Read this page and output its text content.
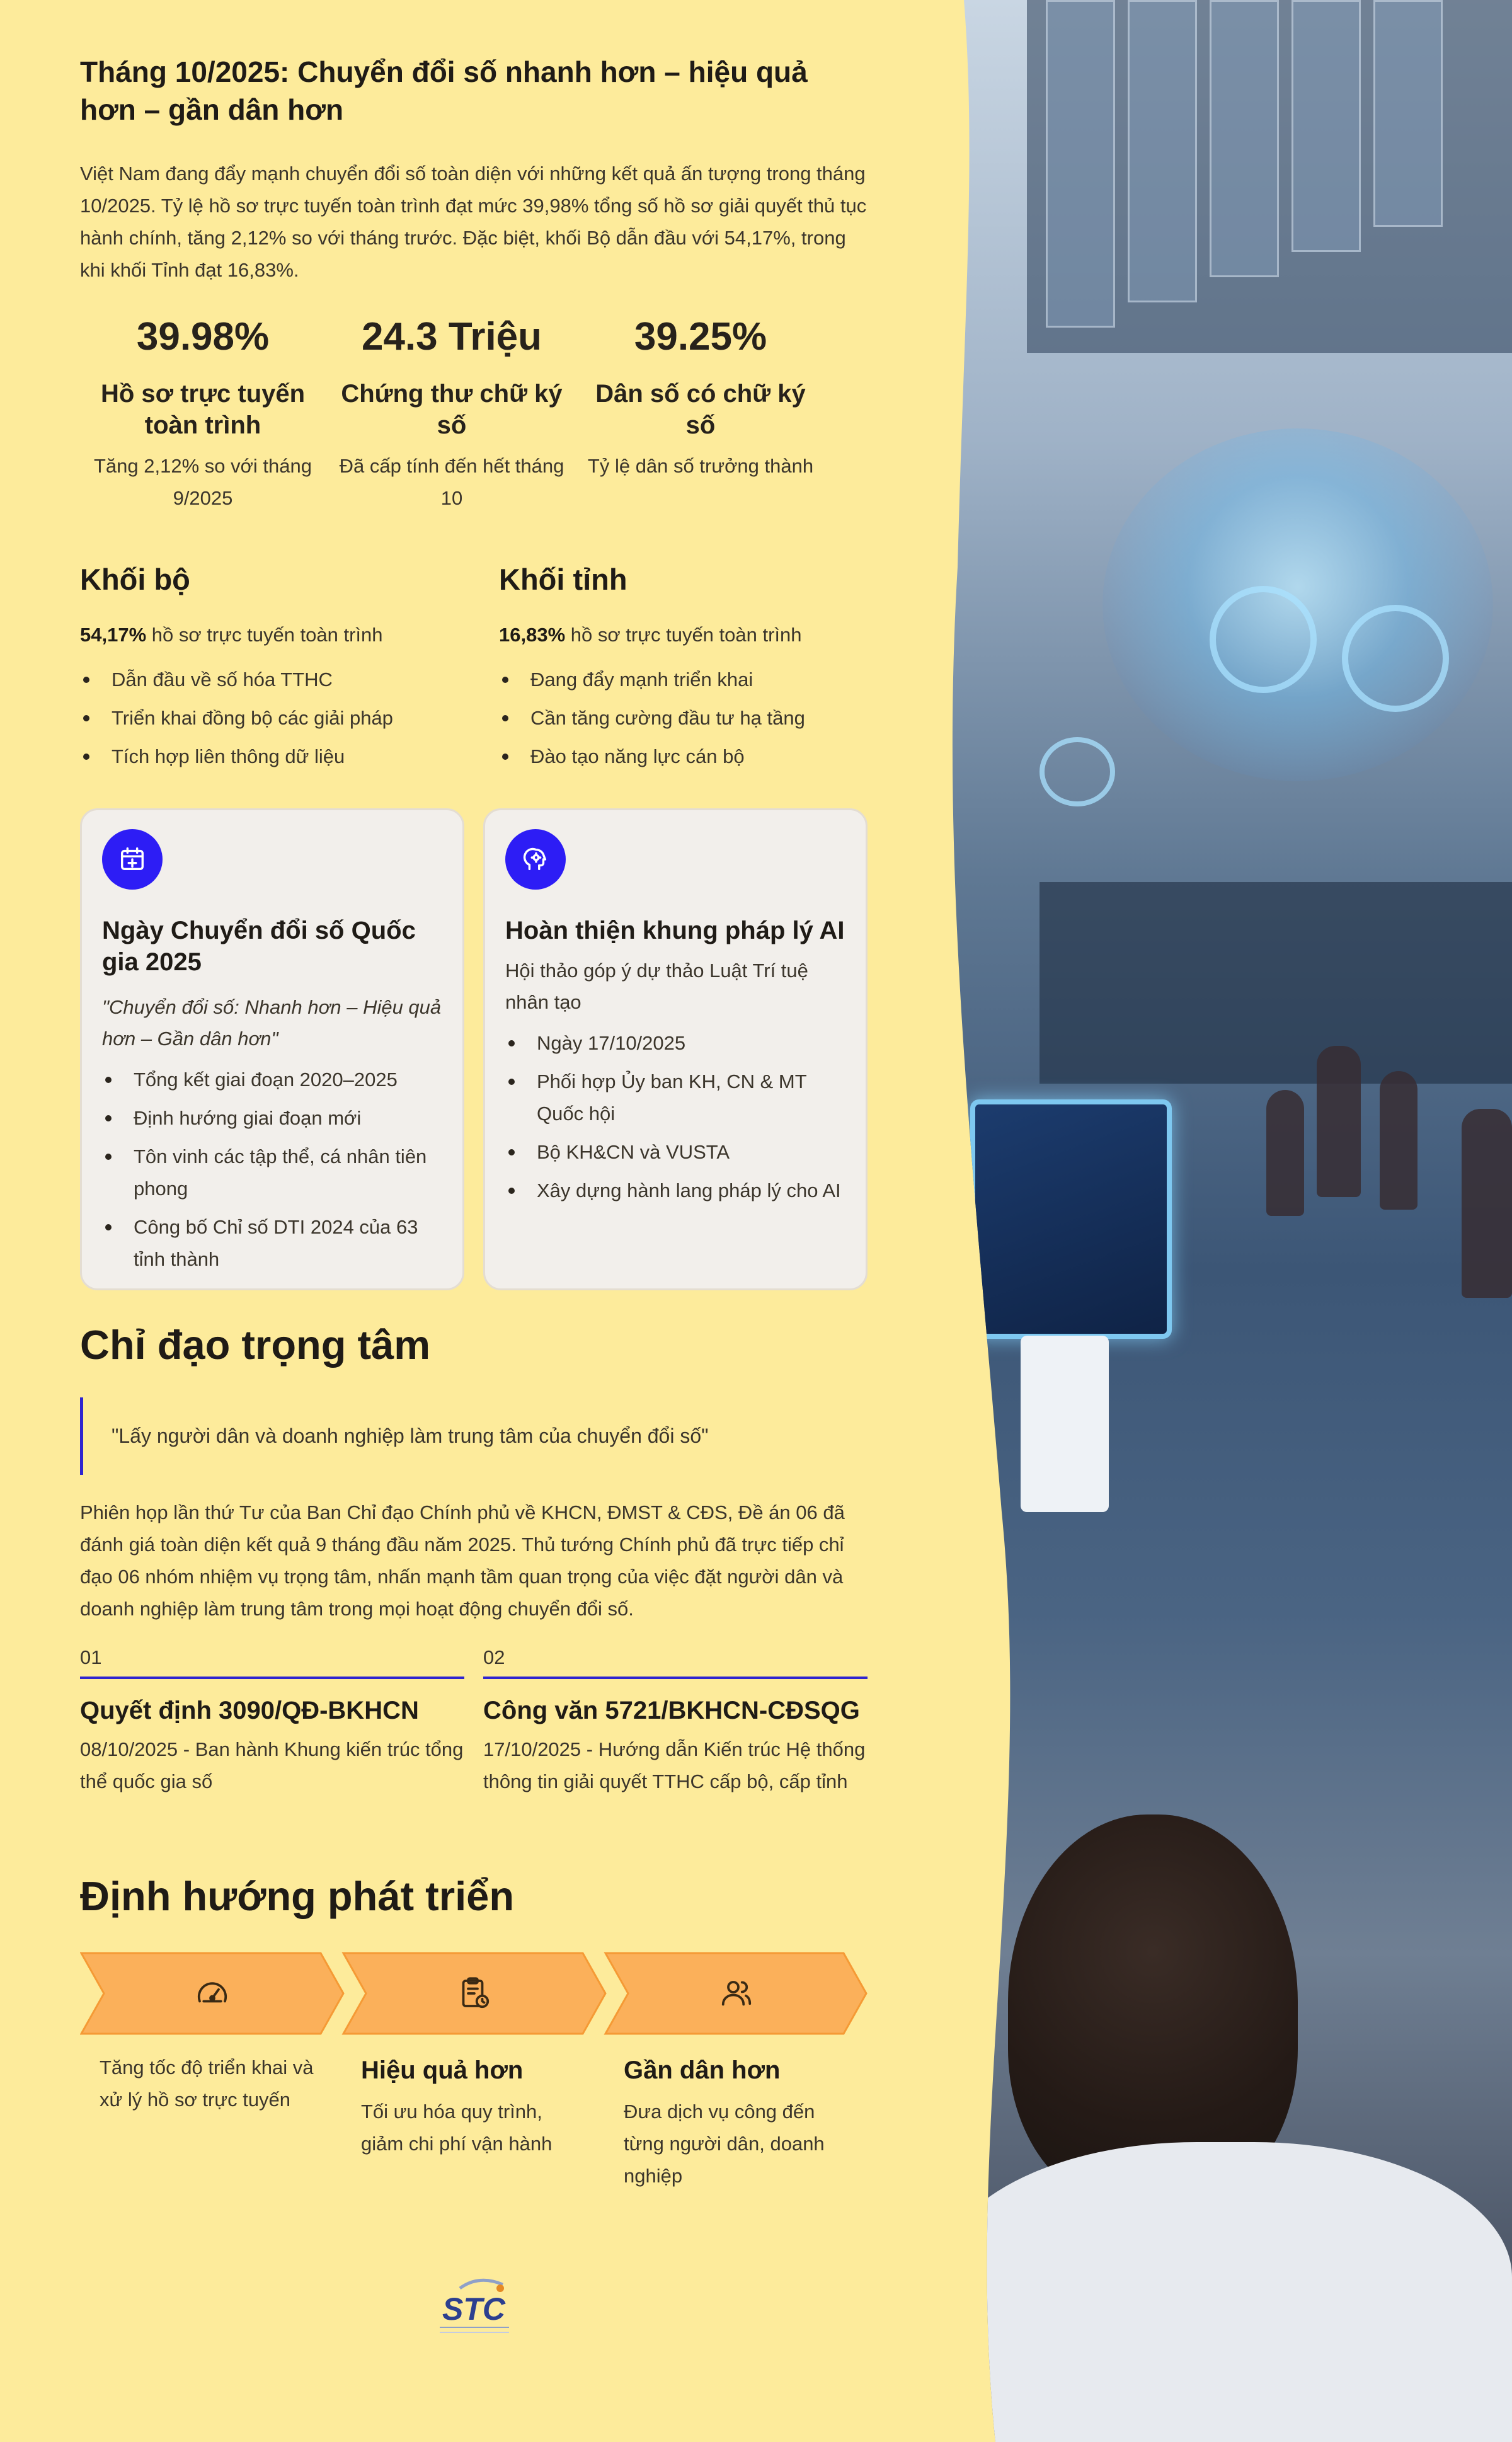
Tháng 10/2025: Chuyển đổi số nhanh hơn – hiệu quả hơn – gần dân hơn

Việt Nam đang đẩy mạnh chuyển đổi số toàn diện với những kết quả ấn tượng trong tháng 10/2025. Tỷ lệ hồ sơ trực tuyến toàn trình đạt mức 39,98% tổng số hồ sơ giải quyết thủ tục hành chính, tăng 2,12% so với tháng trước. Đặc biệt, khối Bộ dẫn đầu với 54,17%, trong khi khối Tỉnh đạt 16,83%.

39.98%
Hồ sơ trực tuyến toàn trình
Tăng 2,12% so với tháng 9/2025
24.3 Triệu
Chứng thư chữ ký số
Đã cấp tính đến hết tháng 10
39.25%
Dân số có chữ ký số
Tỷ lệ dân số trưởng thành
Khối bộ
54,17% hồ sơ trực tuyến toàn trình
Dẫn đầu về số hóa TTHC
Triển khai đồng bộ các giải pháp
Tích hợp liên thông dữ liệu
Khối tỉnh
16,83% hồ sơ trực tuyến toàn trình
Đang đẩy mạnh triển khai
Cần tăng cường đầu tư hạ tầng
Đào tạo năng lực cán bộ
Ngày Chuyển đổi số Quốc gia 2025
"Chuyển đổi số: Nhanh hơn – Hiệu quả hơn – Gần dân hơn"
Tổng kết giai đoạn 2020–2025
Định hướng giai đoạn mới
Tôn vinh các tập thể, cá nhân tiên phong
Công bố Chỉ số DTI 2024 của 63 tỉnh thành
Hoàn thiện khung pháp lý AI
Hội thảo góp ý dự thảo Luật Trí tuệ nhân tạo
Ngày 17/10/2025
Phối hợp Ủy ban KH, CN & MT Quốc hội
Bộ KH&CN và VUSTA
Xây dựng hành lang pháp lý cho AI
Chỉ đạo trọng tâm
"Lấy người dân và doanh nghiệp làm trung tâm của chuyển đổi số"

Phiên họp lần thứ Tư của Ban Chỉ đạo Chính phủ về KHCN, ĐMST & CĐS, Đề án 06 đã đánh giá toàn diện kết quả 9 tháng đầu năm 2025. Thủ tướng Chính phủ đã trực tiếp chỉ đạo 06 nhóm nhiệm vụ trọng tâm, nhấn mạnh tầm quan trọng của việc đặt người dân và doanh nghiệp làm trung tâm trong mọi hoạt động chuyển đổi số.

01
Quyết định 3090/QĐ-BKHCN
08/10/2025 - Ban hành Khung kiến trúc tổng thể quốc gia số
02
Công văn 5721/BKHCN-CĐSQG
17/10/2025 - Hướng dẫn Kiến trúc Hệ thống thông tin giải quyết TTHC cấp bộ, cấp tỉnh
Định hướng phát triển
Tăng tốc độ triển khai và xử lý hồ sơ trực tuyến
Hiệu quả hơn
Tối ưu hóa quy trình, giảm chi phí vận hành
Gần dân hơn
Đưa dịch vụ công đến từng người dân, doanh nghiệp
STC
